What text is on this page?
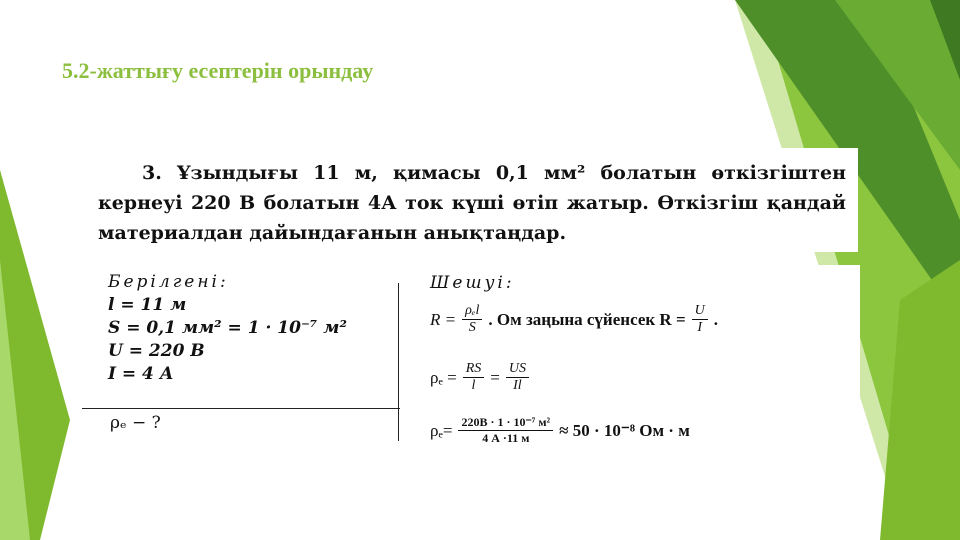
5.2-жаттығу есептерін орындау
3. Ұзындығы 11 м, қимасы 0,1 мм² болатын өткізгіштен кернеуі 220 В болатын 4А ток күші өтіп жатыр. Өткізгіш қандай материалдан дайындағанын анықтаңдар.
Берілгені:
l = 11 м
S = 0,1 мм² = 1 · 10⁻⁷ м²
U = 220 В
I = 4 А
ρₑ − ?
Шешуі:
$R = \frac{\text{ρₑl}}{S}$ . Ом заңына сүйенсек $R = \frac{U}{I}$ .
$\rho_e = \frac{RS}{l} = \frac{US}{Il}$
$\rho_e= \frac{\text{220В · 1 · 10⁻⁷ м²}}{4 А \cdot 11 м} \approx 50 \cdot 10^{-8}$ Ом · м
